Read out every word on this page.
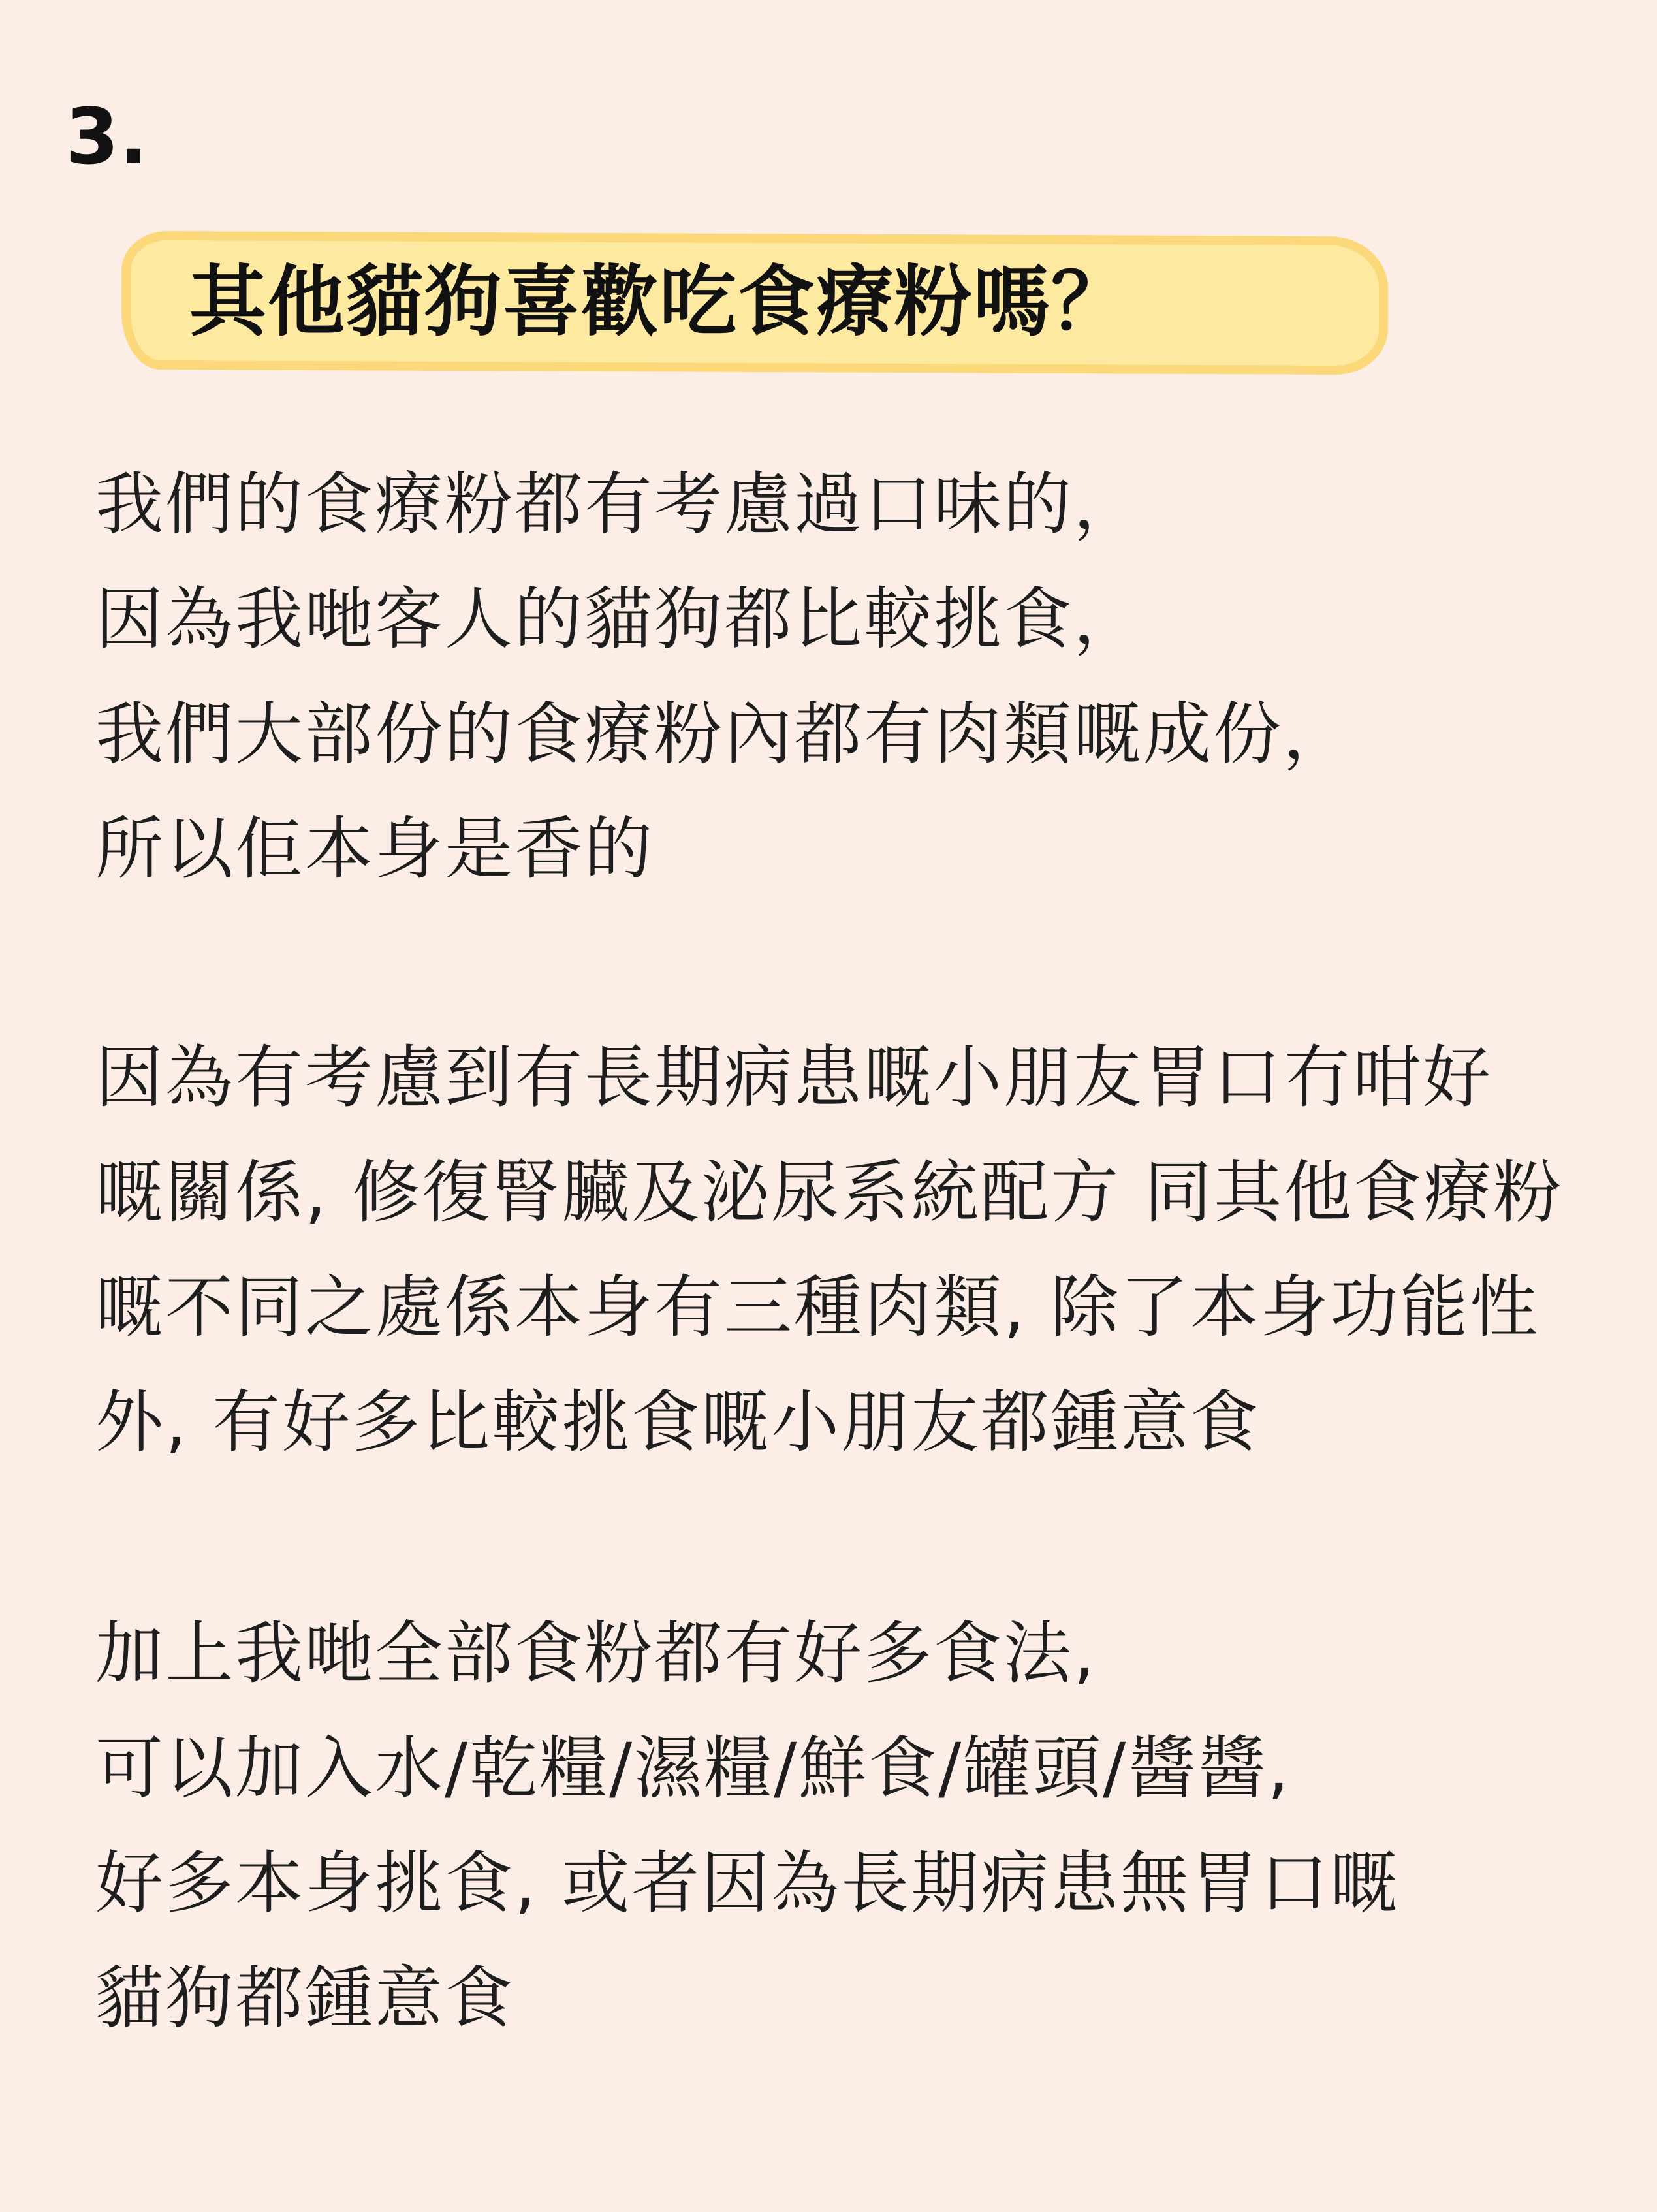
3.
其他貓狗喜歡吃食療粉嗎？
我們的食療粉都有考慮過口味的，
因為我哋客人的貓狗都比較挑食，
我們大部份的食療粉內都有肉類嘅成份，
所以佢本身是香的
因為有考慮到有長期病患嘅小朋友胃口冇咁好
嘅關係, 修復腎臟及泌尿系統配方 同其他食療粉
嘅不同之處係本身有三種肉類, 除了本身功能性
外, 有好多比較挑食嘅小朋友都鍾意食
加上我哋全部食粉都有好多食法,
可以加入水/乾糧/濕糧/鮮食/罐頭/醬醬,
好多本身挑食, 或者因為長期病患無胃口嘅
貓狗都鍾意食
